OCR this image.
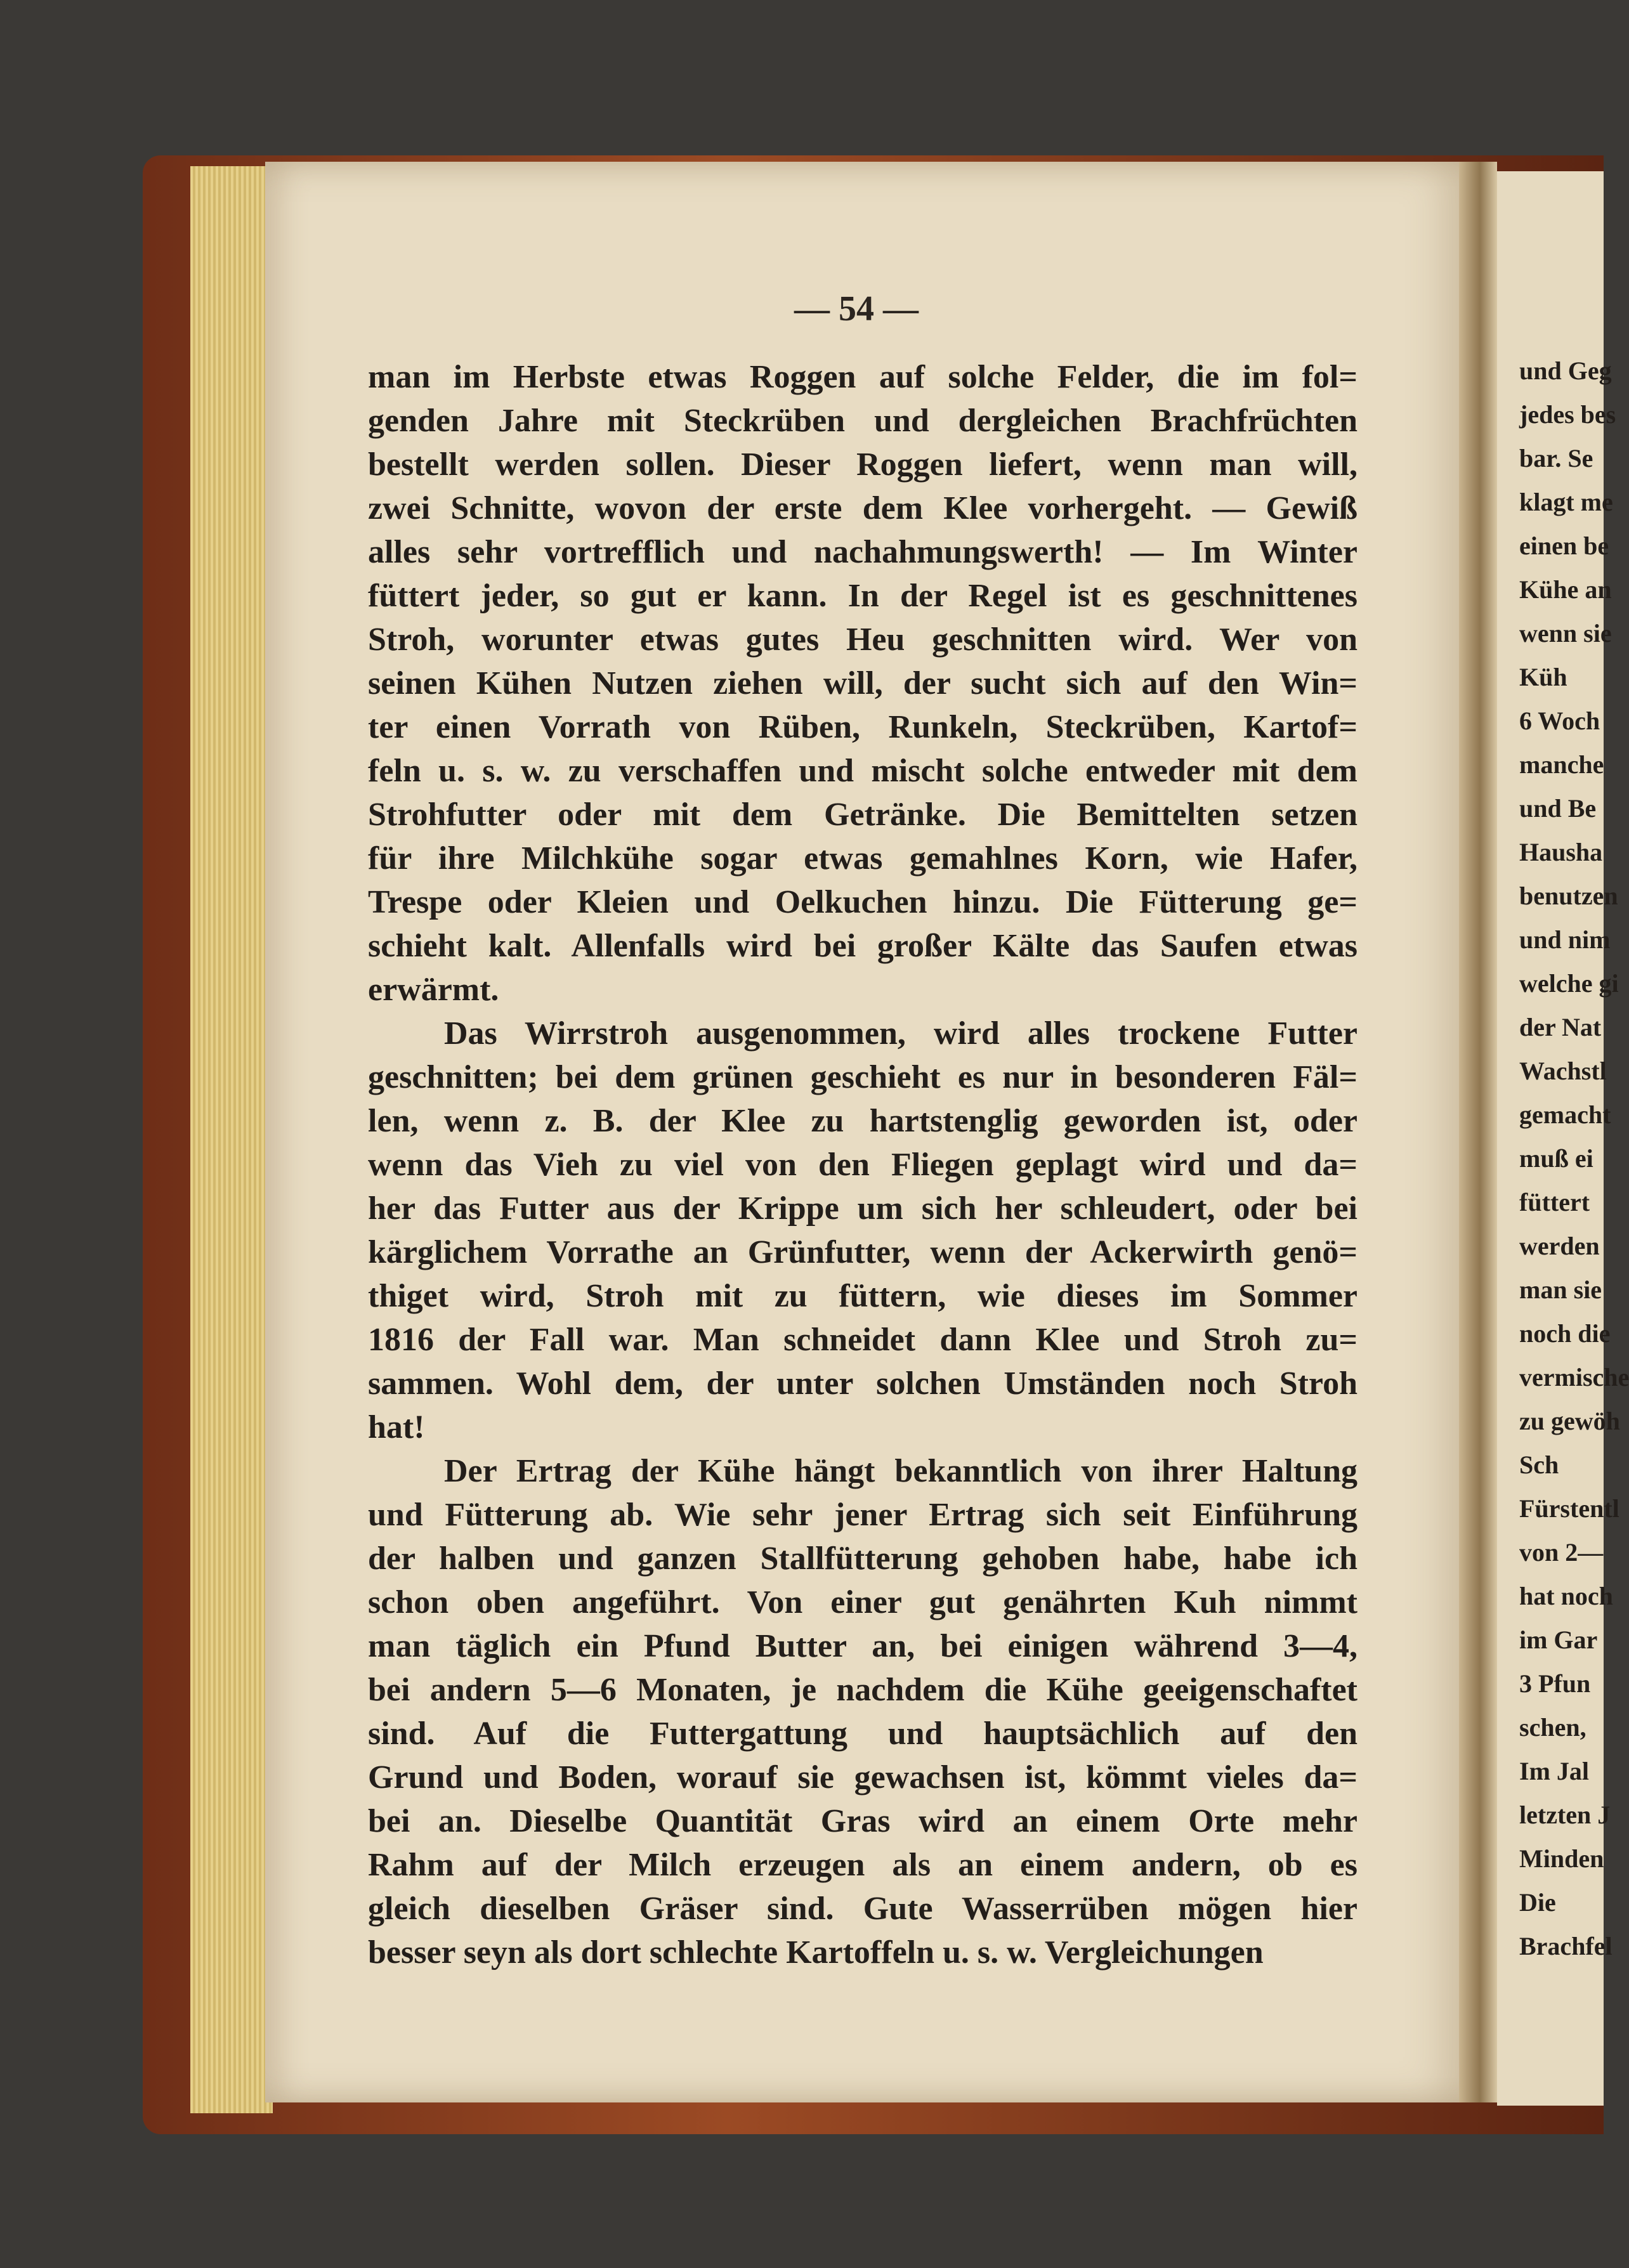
— 54 —
man im Herbste etwas Roggen auf solche Felder, die im fol=
genden Jahre mit Steckrüben und dergleichen Brachfrüchten
bestellt werden sollen. Dieser Roggen liefert, wenn man will,
zwei Schnitte, wovon der erste dem Klee vorhergeht. — Gewiß
alles sehr vortrefflich und nachahmungswerth! — Im Winter
füttert jeder, so gut er kann. In der Regel ist es geschnittenes
Stroh, worunter etwas gutes Heu geschnitten wird. Wer von
seinen Kühen Nutzen ziehen will, der sucht sich auf den Win=
ter einen Vorrath von Rüben, Runkeln, Steckrüben, Kartof=
feln u. s. w. zu verschaffen und mischt solche entweder mit dem
Strohfutter oder mit dem Getränke. Die Bemittelten setzen
für ihre Milchkühe sogar etwas gemahlnes Korn, wie Hafer,
Trespe oder Kleien und Oelkuchen hinzu. Die Fütterung ge=
schieht kalt. Allenfalls wird bei großer Kälte das Saufen etwas
erwärmt.
Das Wirrstroh ausgenommen, wird alles trockene Futter
geschnitten; bei dem grünen geschieht es nur in besonderen Fäl=
len, wenn z. B. der Klee zu hartstenglig geworden ist, oder
wenn das Vieh zu viel von den Fliegen geplagt wird und da=
her das Futter aus der Krippe um sich her schleudert, oder bei
kärglichem Vorrathe an Grünfutter, wenn der Ackerwirth genö=
thiget wird, Stroh mit zu füttern, wie dieses im Sommer
1816 der Fall war. Man schneidet dann Klee und Stroh zu=
sammen. Wohl dem, der unter solchen Umständen noch Stroh
hat!
Der Ertrag der Kühe hängt bekanntlich von ihrer Haltung
und Fütterung ab. Wie sehr jener Ertrag sich seit Einführung
der halben und ganzen Stallfütterung gehoben habe, habe ich
schon oben angeführt. Von einer gut genährten Kuh nimmt
man täglich ein Pfund Butter an, bei einigen während 3—4,
bei andern 5—6 Monaten, je nachdem die Kühe geeigenschaftet
sind. Auf die Futtergattung und hauptsächlich auf den
Grund und Boden, worauf sie gewachsen ist, kömmt vieles da=
bei an. Dieselbe Quantität Gras wird an einem Orte mehr
Rahm auf der Milch erzeugen als an einem andern, ob es
gleich dieselben Gräser sind. Gute Wasserrüben mögen hier
besser seyn als dort schlechte Kartoffeln u. s. w. Vergleichungen
und Geg
jedes bes
bar. Se
klagt me
einen be
Kühe an
wenn sie
Küh
6 Woch
manche
und Be
Hausha
benutzen
und nim
welche gi
der Nat
Wachstl
gemacht
muß ei
füttert
werden
man sie
noch die
vermische
zu gewöh
Sch
Fürstentl
von 2—
hat noch
im Gar
3 Pfun
schen,
Im Jal
letzten J
Minden
Die
Brachfel
